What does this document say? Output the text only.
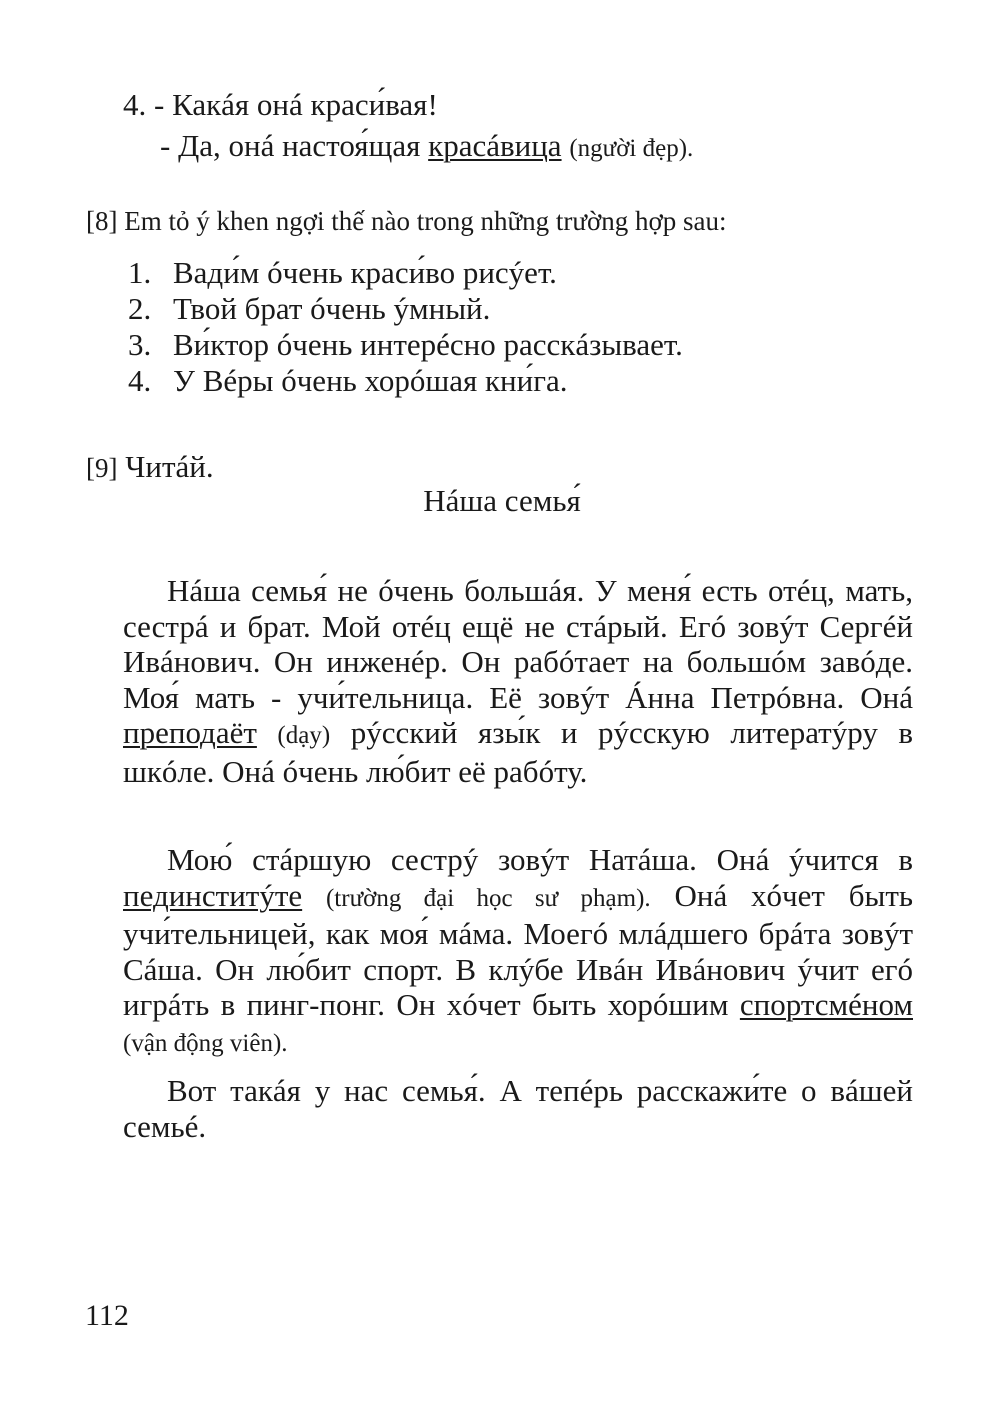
4. - Какáя онá краси́вая!
- Да, онá настоя́щая красáвица (người đẹp).
[8] Em tỏ ý khen ngợi thế nào trong những trường hợp sau:
1. Вади́м óчень краси́во рисýет.
2. Твой брат óчень ýмный.
3. Ви́ктор óчень интерéсно расскáзывает.
4. У Вéры óчень хорóшая кни́га.
[9] Читáй.
Нáша семья́
Нáша семья́ не óчень большáя. У меня́ есть отéц, мать, сестрá и брат. Мой отéц ещё не стáрый. Егó зовýт Сергéй Ивáнович. Он инженéр. Он рабóтает на большóм завóде. Моя́ мать - учи́тельница. Её зовýт Áнна Петрóвна. Онá преподаёт (dạy) рýсский язы́к и рýсскую литератýру в шкóле. Онá óчень лю́бит её рабóту.
Мою́ стáршую сестрý зовýт Натáша. Онá ýчится в пединститýте (trường đại học sư phạm). Онá хóчет быть учи́тельницей, как моя́ мáма. Моегó млáдшего брáта зовýт Сáша. Он лю́бит спорт. В клýбе Ивáн Ивáнович ýчит егó игрáть в пинг-понг. Он хóчет быть хорóшим спортсмéном (vận động viên).
Вот такáя у нас семья́. А тепéрь расскажи́те о вáшей семьé.
112
